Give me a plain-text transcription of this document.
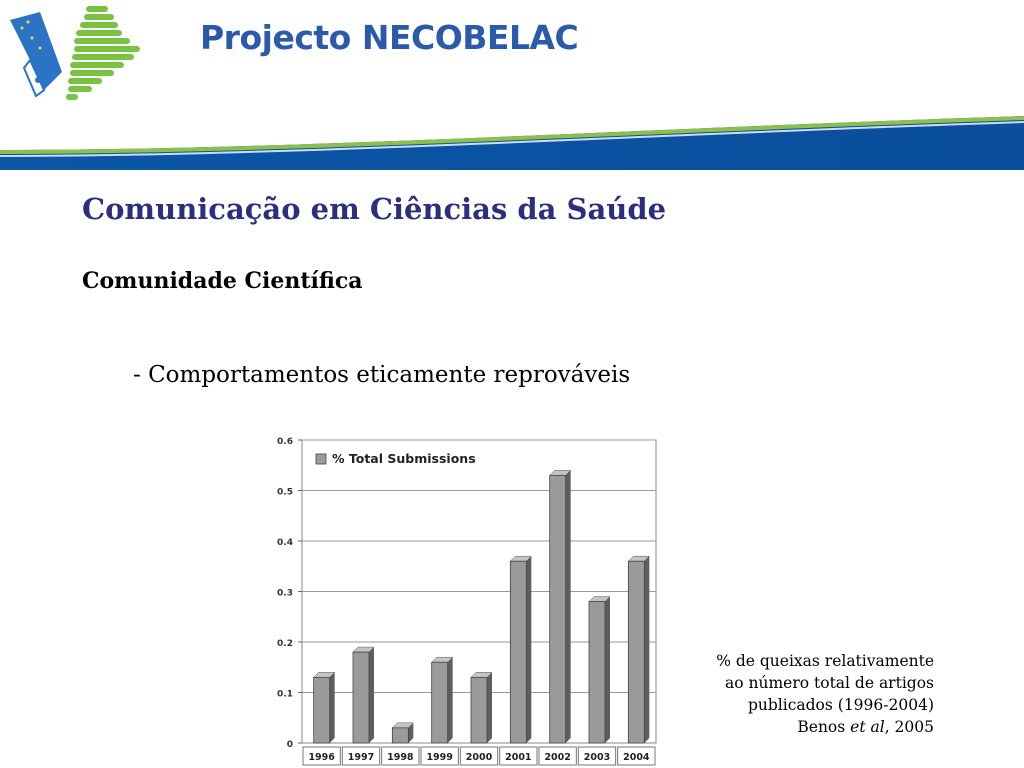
Projecto NECOBELAC
Comunicação em Ciências da Saúde
Comunidade Científica
- Comportamentos eticamente reprováveis
0
0.1
0.2
0.3
0.4
0.5
0.6
1996 1997 1998 1999 2000 2001 2002 2003 2004
% Total Submissions
% de queixas relativamente
ao número total de artigos
publicados (1996-2004)
Benos et al, 2005
